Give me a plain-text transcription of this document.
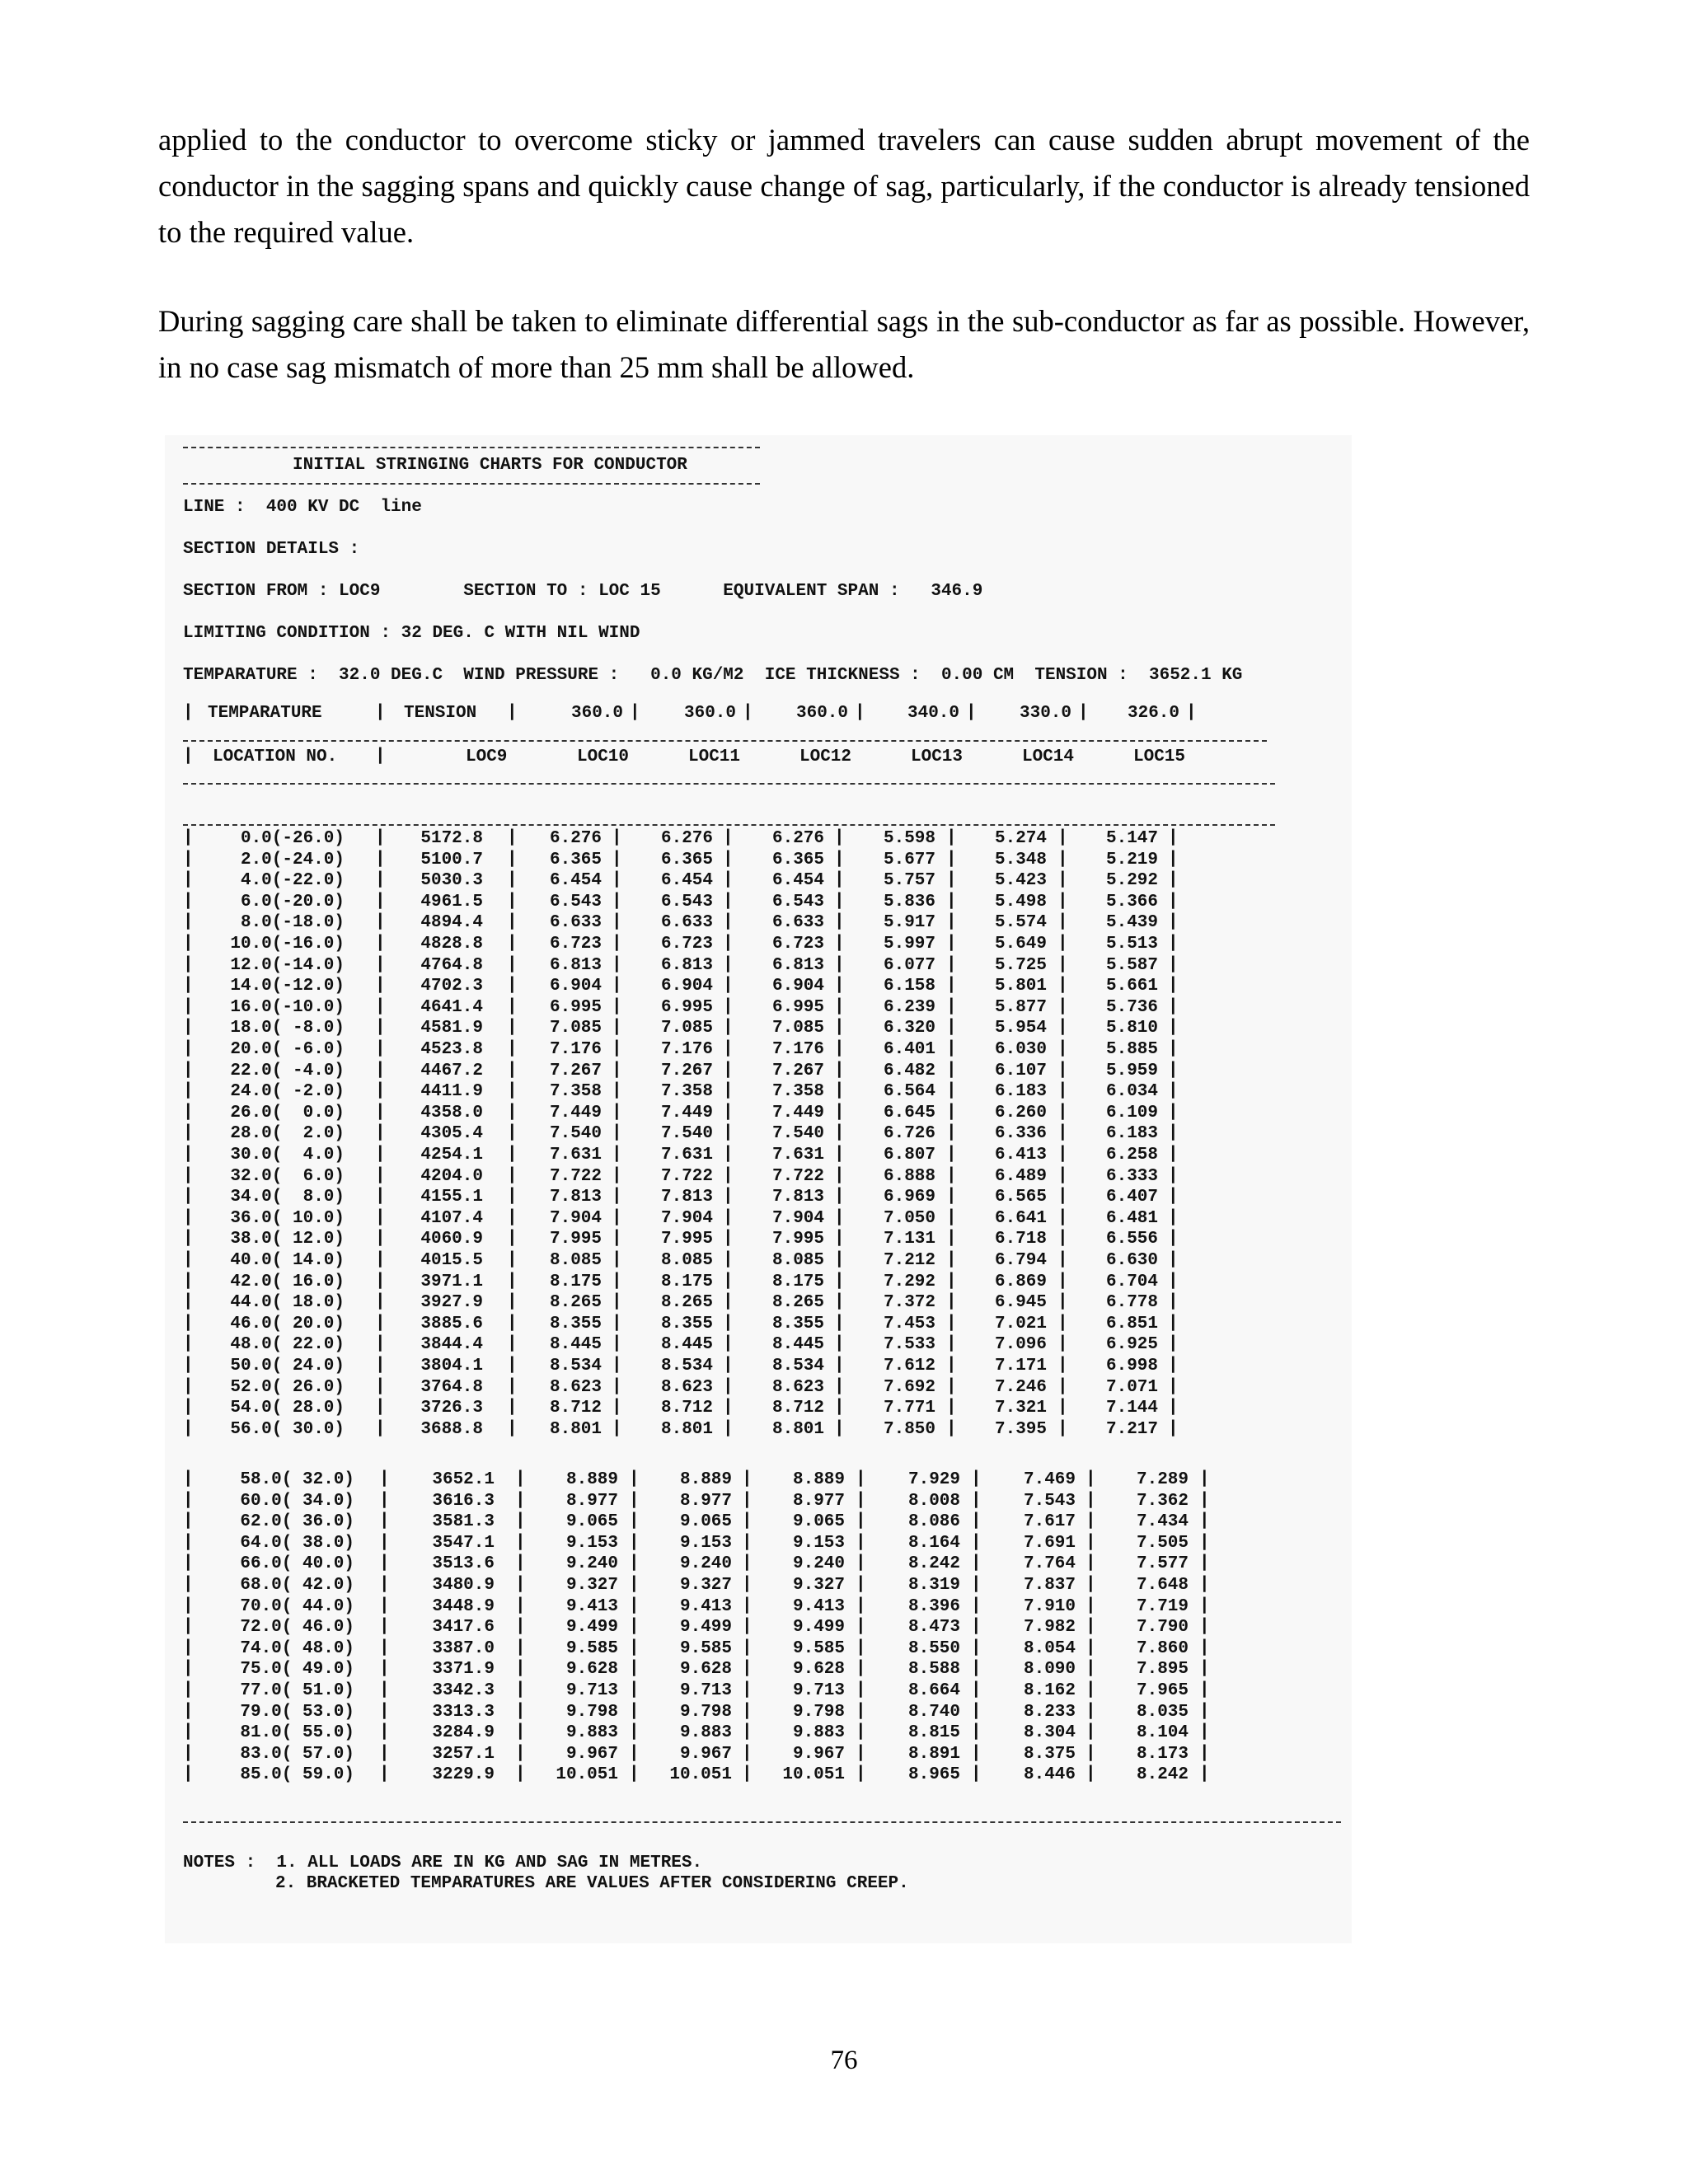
applied to the conductor to overcome sticky or jammed travelers can cause sudden abrupt movement of the conductor in the sagging spans and quickly cause change of sag, particularly, if the conductor is already tensioned to the required value.

During sagging care shall be taken to eliminate differential sags in the sub-conductor as far as possible. However, in no case sag mismatch of more than 25 mm shall be allowed.

INITIAL STRINGING CHARTS FOR CONDUCTOR
LINE :  400 KV DC  line
SECTION DETAILS :
SECTION FROM : LOC9        SECTION TO : LOC 15      EQUIVALENT SPAN :   346.9
LIMITING CONDITION : 32 DEG. C WITH NIL WIND
TEMPARATURE :  32.0 DEG.C  WIND PRESSURE :   0.0 KG/M2  ICE THICKNESS :  0.00 CM  TENSION :  3652.1 KG
NOTES :  1. ALL LOADS ARE IN KG AND SAG IN METRES.
2. BRACKETED TEMPARATURES ARE VALUES AFTER CONSIDERING CREEP.
| TEMPARATURE	| TENSION |	360.0 |	360.0 |	360.0 |	340.0 |	330.0 |	326.0 |
| LOCATION NO. |	LOC9	LOC10	LOC11	LOC12	LOC13	LOC14	LOC15
|	0.0(-26.0)	5172.8	6.276	6.276	6.276	5.598	5.274	5.147
|	|	|	|	|	|	|	|
|	2.0(-24.0)	5100.7	6.365	6.365	6.365	5.677	5.348	5.219
|	|	|	|	|	|	|	|
|	4.0(-22.0)	5030.3	6.454	6.454	6.454	5.757	5.423	5.292
|	|	|	|	|	|	|	|
|	6.0(-20.0)	4961.5	6.543	6.543	6.543	5.836	5.498	5.366
|	|	|	|	|	|	|	|
|	8.0(-18.0)	4894.4	6.633	6.633	6.633	5.917	5.574	5.439
|	|	|	|	|	|	|	|
|	10.0(-16.0)	4828.8	6.723	6.723	6.723	5.997	5.649	5.513
|	|	|	|	|	|	|	|
|	12.0(-14.0)	4764.8	6.813	6.813	6.813	6.077	5.725	5.587
|	|	|	|	|	|	|	|
|	14.0(-12.0)	4702.3	6.904	6.904	6.904	6.158	5.801	5.661
|	|	|	|	|	|	|	|
|	16.0(-10.0)	4641.4	6.995	6.995	6.995	6.239	5.877	5.736
|	|	|	|	|	|	|	|
|	18.0( -8.0)	4581.9	7.085	7.085	7.085	6.320	5.954	5.810
|	|	|	|	|	|	|	|
|	20.0( -6.0)	4523.8	7.176	7.176	7.176	6.401	6.030	5.885
|	|	|	|	|	|	|	|
|	22.0( -4.0)	4467.2	7.267	7.267	7.267	6.482	6.107	5.959
|	|	|	|	|	|	|	|
|	24.0( -2.0)	4411.9	7.358	7.358	7.358	6.564	6.183	6.034
|	|	|	|	|	|	|	|
|	26.0(  0.0)	4358.0	7.449	7.449	7.449	6.645	6.260	6.109
|	|	|	|	|	|	|	|
|	28.0(  2.0)	4305.4	7.540	7.540	7.540	6.726	6.336	6.183
|	|	|	|	|	|	|	|
|	30.0(  4.0)	4254.1	7.631	7.631	7.631	6.807	6.413	6.258
|	|	|	|	|	|	|	|
|	32.0(  6.0)	4204.0	7.722	7.722	7.722	6.888	6.489	6.333
|	|	|	|	|	|	|	|
|	34.0(  8.0)	4155.1	7.813	7.813	7.813	6.969	6.565	6.407
|	|	|	|	|	|	|	|
|	36.0( 10.0)	4107.4	7.904	7.904	7.904	7.050	6.641	6.481
|	|	|	|	|	|	|	|
|	38.0( 12.0)	4060.9	7.995	7.995	7.995	7.131	6.718	6.556
|	|	|	|	|	|	|	|
|	40.0( 14.0)	4015.5	8.085	8.085	8.085	7.212	6.794	6.630
|	|	|	|	|	|	|	|
|	42.0( 16.0)	3971.1	8.175	8.175	8.175	7.292	6.869	6.704
|	|	|	|	|	|	|	|
|	44.0( 18.0)	3927.9	8.265	8.265	8.265	7.372	6.945	6.778
|	|	|	|	|	|	|	|
|	46.0( 20.0)	3885.6	8.355	8.355	8.355	7.453	7.021	6.851
|	|	|	|	|	|	|	|
|	48.0( 22.0)	3844.4	8.445	8.445	8.445	7.533	7.096	6.925
|	|	|	|	|	|	|	|
|	50.0( 24.0)	3804.1	8.534	8.534	8.534	7.612	7.171	6.998
|	|	|	|	|	|	|	|
|	52.0( 26.0)	3764.8	8.623	8.623	8.623	7.692	7.246	7.071
|	|	|	|	|	|	|	|
|	54.0( 28.0)	3726.3	8.712	8.712	8.712	7.771	7.321	7.144
|	|	|	|	|	|	|	|
|	56.0( 30.0)	3688.8	8.801	8.801	8.801	7.850	7.395	7.217
|	|	|	|	|	|	|	|
|	58.0( 32.0)	3652.1	8.889	8.889	8.889	7.929	7.469	7.289
|	|	|	|	|	|	|	|
|	60.0( 34.0)	3616.3	8.977	8.977	8.977	8.008	7.543	7.362
|	|	|	|	|	|	|	|
|	62.0( 36.0)	3581.3	9.065	9.065	9.065	8.086	7.617	7.434
|	|	|	|	|	|	|	|
|	64.0( 38.0)	3547.1	9.153	9.153	9.153	8.164	7.691	7.505
|	|	|	|	|	|	|	|
|	66.0( 40.0)	3513.6	9.240	9.240	9.240	8.242	7.764	7.577
|	|	|	|	|	|	|	|
|	68.0( 42.0)	3480.9	9.327	9.327	9.327	8.319	7.837	7.648
|	|	|	|	|	|	|	|
|	70.0( 44.0)	3448.9	9.413	9.413	9.413	8.396	7.910	7.719
|	|	|	|	|	|	|	|
|	72.0( 46.0)	3417.6	9.499	9.499	9.499	8.473	7.982	7.790
|	|	|	|	|	|	|	|
|	74.0( 48.0)	3387.0	9.585	9.585	9.585	8.550	8.054	7.860
|	|	|	|	|	|	|	|
|	75.0( 49.0)	3371.9	9.628	9.628	9.628	8.588	8.090	7.895
|	|	|	|	|	|	|	|
|	77.0( 51.0)	3342.3	9.713	9.713	9.713	8.664	8.162	7.965
|	|	|	|	|	|	|	|
|	79.0( 53.0)	3313.3	9.798	9.798	9.798	8.740	8.233	8.035
|	|	|	|	|	|	|	|
|	81.0( 55.0)	3284.9	9.883	9.883	9.883	8.815	8.304	8.104
|	|	|	|	|	|	|	|
|	83.0( 57.0)	3257.1	9.967	9.967	9.967	8.891	8.375	8.173
|	|	|	|	|	|	|	|
|	85.0( 59.0)	3229.9	10.051	10.051	10.051	8.965	8.446	8.242
|	|	|	|	|	|	|	|
76
